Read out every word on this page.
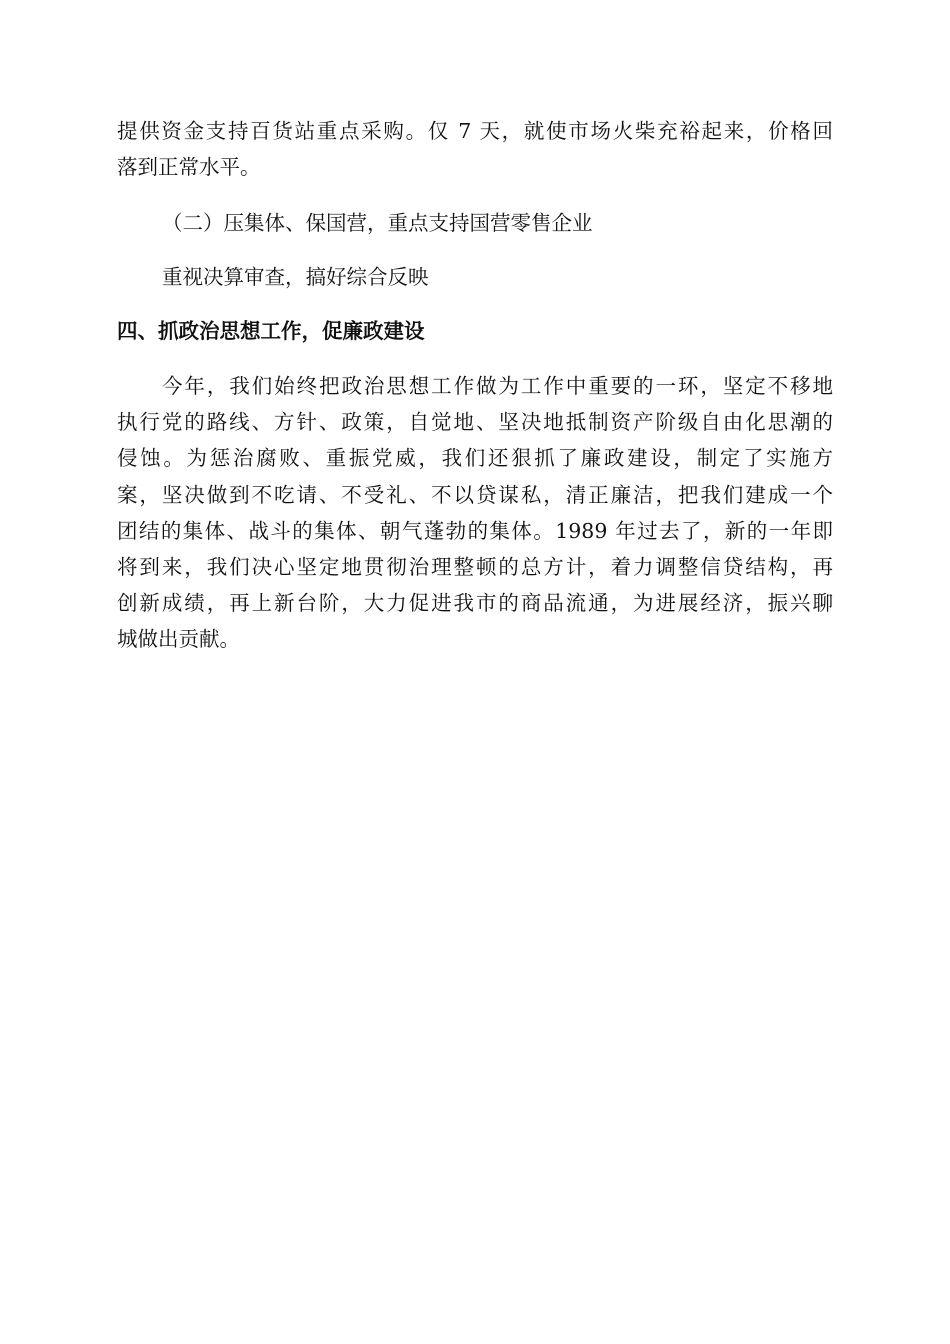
提供资金支持百货站重点采购。仅 7 天，就使市场火柴充裕起来，价格回
落到正常水平。
（二）压集体、保国营，重点支持国营零售企业
重视决算审查，搞好综合反映
四、抓政治思想工作，促廉政建设
今年，我们始终把政治思想工作做为工作中重要的一环，坚定不移地
执行党的路线、方针、政策，自觉地、坚决地抵制资产阶级自由化思潮的
侵蚀。为惩治腐败、重振党威，我们还狠抓了廉政建设，制定了实施方
案，坚决做到不吃请、不受礼、不以贷谋私，清正廉洁，把我们建成一个
团结的集体、战斗的集体、朝气蓬勃的集体。1989 年过去了，新的一年即
将到来，我们决心坚定地贯彻治理整顿的总方计，着力调整信贷结构，再
创新成绩，再上新台阶，大力促进我市的商品流通，为进展经济，振兴聊
城做出贡献。
